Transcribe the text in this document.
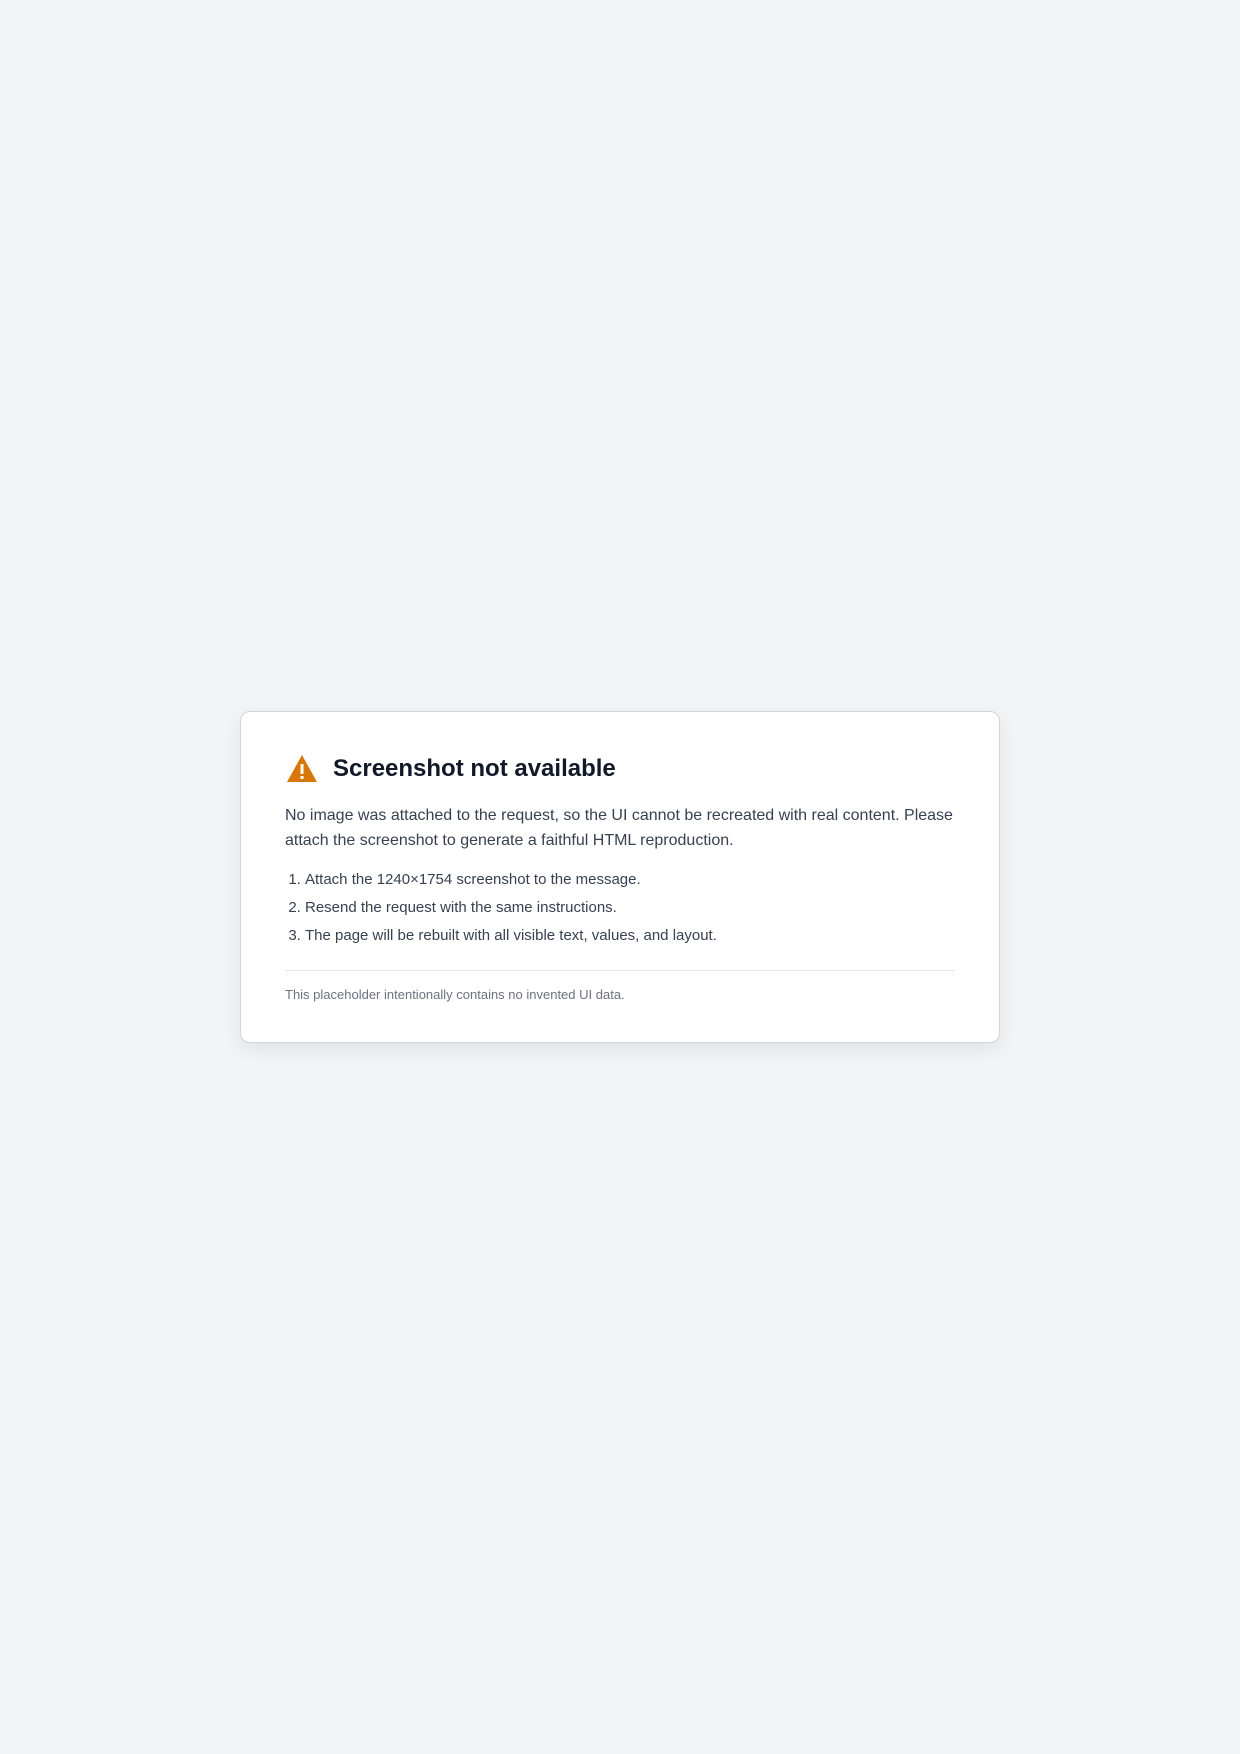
Screenshot not available

No image was attached to the request, so the UI cannot be recreated with real content. Please attach the screenshot to generate a faithful HTML reproduction.

1. Attach the 1240×1754 screenshot to the message.
2. Resend the request with the same instructions.
3. The page will be rebuilt with all visible text, values, and layout.
This placeholder intentionally contains no invented UI data.
